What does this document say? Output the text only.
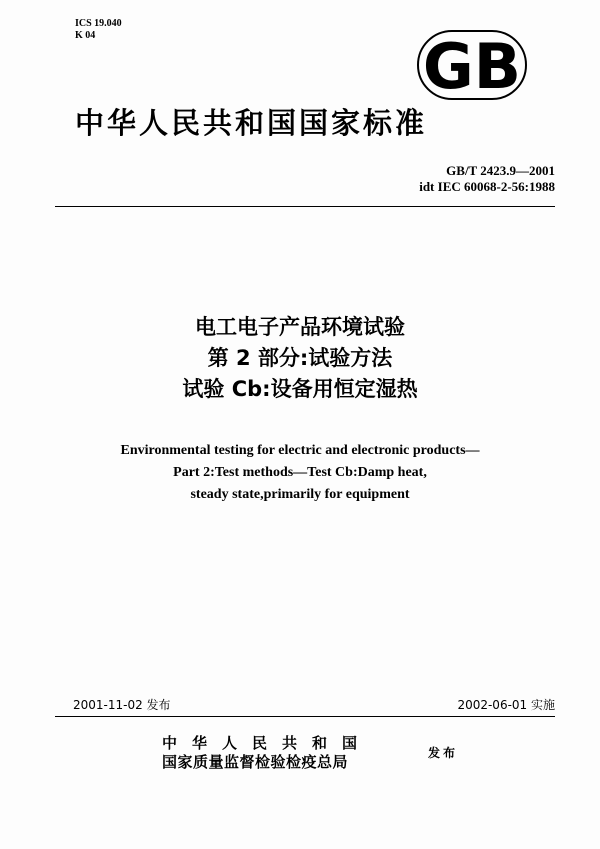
ICS 19.040
K 04	GB
中华人民共和国国家标准
GB/T 2423.9—2001
idt IEC 60068-2-56:1988
电工电子产品环境试验
第 2 部分:试验方法
试验 Cb:设备用恒定湿热
Environmental testing for electric and electronic products—
Part 2:Test methods—Test Cb:Damp heat,
steady state,primarily for equipment
2001-11-02 发布	2002-06-01 实施
中华人民共和国
国家质量监督检验检疫总局	发布
